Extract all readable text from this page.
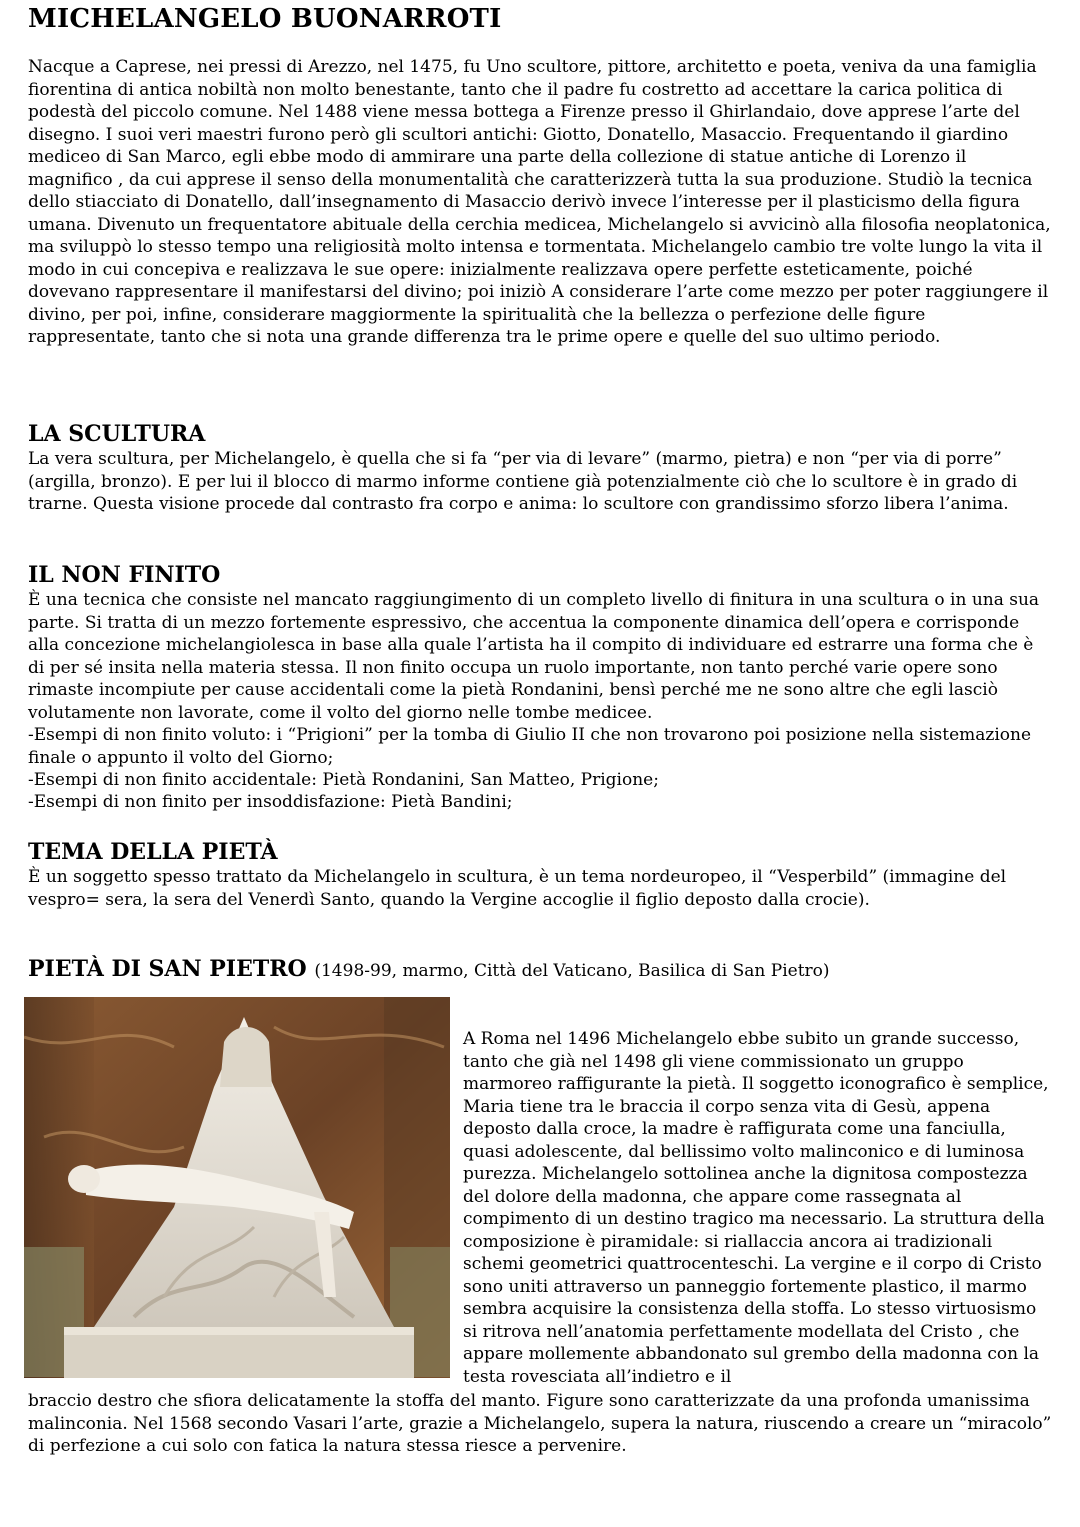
MICHELANGELO BUONARROTI

Nacque a Caprese, nei pressi di Arezzo, nel 1475, fu Uno scultore, pittore, architetto e poeta, veniva da una famiglia fiorentina di antica nobiltà non molto benestante, tanto che il padre fu costretto ad accettare la carica politica di podestà del piccolo comune. Nel 1488 viene messa bottega a Firenze presso il Ghirlandaio, dove apprese l’arte del disegno. I suoi veri maestri furono però gli scultori antichi: Giotto, Donatello, Masaccio. Frequentando il giardino mediceo di San Marco, egli ebbe modo di ammirare una parte della collezione di statue antiche di Lorenzo il magnifico , da cui apprese il senso della monumentalità che caratterizzerà tutta la sua produzione. Studiò la tecnica dello stiacciato di Donatello, dall’insegnamento di Masaccio derivò invece l’interesse per il plasticismo della figura umana. Divenuto un frequentatore abituale della cerchia medicea, Michelangelo si avvicinò alla filosofia neoplatonica, ma sviluppò lo stesso tempo una religiosità molto intensa e tormentata. Michelangelo cambio tre volte lungo la vita il modo in cui concepiva e realizzava le sue opere: inizialmente realizzava opere perfette esteticamente, poiché dovevano rappresentare il manifestarsi del divino; poi iniziò A considerare l’arte come mezzo per poter raggiungere il divino, per poi, infine, considerare maggiormente la spiritualità che la bellezza o perfezione delle figure rappresentate, tanto che si nota una grande differenza tra le prime opere e quelle del suo ultimo periodo.

LA SCULTURA

La vera scultura, per Michelangelo, è quella che si fa “per via di levare” (marmo, pietra) e non “per via di porre” (argilla, bronzo). E per lui il blocco di marmo informe contiene già potenzialmente ciò che lo scultore è in grado di trarne. Questa visione procede dal contrasto fra corpo e anima: lo scultore con grandissimo sforzo libera l’anima.

IL NON FINITO

È una tecnica che consiste nel mancato raggiungimento di un completo livello di finitura in una scultura o in una sua parte. Si tratta di un mezzo fortemente espressivo, che accentua la componente dinamica dell’opera e corrisponde alla concezione michelangiolesca in base alla quale l’artista ha il compito di individuare ed estrarre una forma che è di per sé insita nella materia stessa. Il non finito occupa un ruolo importante, non tanto perché varie opere sono rimaste incompiute per cause accidentali come la pietà Rondanini, bensì perché me ne sono altre che egli lasciò volutamente non lavorate, come il volto del giorno nelle tombe medicee.

-Esempi di non finito voluto: i “Prigioni” per la tomba di Giulio II che non trovarono poi posizione nella sistemazione finale o appunto il volto del Giorno;

-Esempi di non finito accidentale: Pietà Rondanini, San Matteo, Prigione;

-Esempi di non finito per insoddisfazione: Pietà Bandini;

TEMA DELLA PIETÀ

È un soggetto spesso trattato da Michelangelo in scultura, è un tema nordeuropeo, il “Vesperbild” (immagine del vespro= sera, la sera del Venerdì Santo, quando la Vergine accoglie il figlio deposto dalla crocie).

PIETÀ DI SAN PIETRO (1498-99, marmo, Città del Vaticano, Basilica di San Pietro)

A Roma nel 1496 Michelangelo ebbe subito un grande successo, tanto che già nel 1498 gli viene commissionato un gruppo marmoreo raffigurante la pietà. Il soggetto iconografico è semplice, Maria tiene tra le braccia il corpo senza vita di Gesù, appena deposto dalla croce, la madre è raffigurata come una fanciulla, quasi adolescente, dal bellissimo volto malinconico e di luminosa purezza. Michelangelo sottolinea anche la dignitosa compostezza del dolore della madonna, che appare come rassegnata al compimento di un destino tragico ma necessario. La struttura della composizione è piramidale: si riallaccia ancora ai tradizionali schemi geometrici quattrocenteschi. La vergine e il corpo di Cristo sono uniti attraverso un panneggio fortemente plastico, il marmo sembra acquisire la consistenza della stoffa. Lo stesso virtuosismo si ritrova nell’anatomia perfettamente modellata del Cristo , che appare mollemente abbandonato sul grembo della madonna con la testa rovesciata all’indietro e il

braccio destro che sfiora delicatamente la stoffa del manto. Figure sono caratterizzate da una profonda umanissima malinconia. Nel 1568 secondo Vasari l’arte, grazie a Michelangelo, supera la natura, riuscendo a creare un “miracolo” di perfezione a cui solo con fatica la natura stessa riesce a pervenire.
